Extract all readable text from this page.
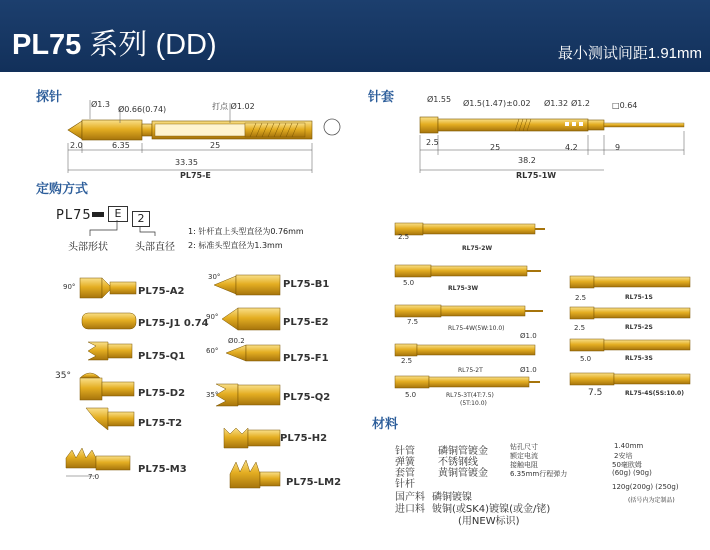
PL75 系列 (DD)	最小测试间距1.91mm
探针	针套
定购方式
材料
Ø1.3
Ø0.66(0.74)	打点 Ø1.02
2.0	6.35	25
33.35
PL75-E
Ø1.55 Ø1.5(1.47)±0.02 Ø1.32 Ø1.2	□0.64
2.5
25	4.2	9
38.2
RL75-1W
PL75	E	2
头部形状	头部直径
1: 针杆直上头型直径为0.76mm
2: 标准头型直径为1.3mm
90°	PL75-A2
PL75-J1 0.74
PL75-Q1
35°
PL75-D2
PL75-T2
7.0
PL75-M3
30°
PL75-B1
90°	PL75-E2
60°
Ø0.2
PL75-F1
35°	PL75-Q2
PL75-H2
PL75-LM2
2.5
RL75-2W
5.0
RL75-3W
7.5
RL75-4W(5W:10.0)
Ø1.0
2.5
RL75-2T	Ø1.0
5.0	RL75-3T(4T:7.5)
(5T:10.0)
2.5	RL75-1S
2.5	RL75-2S
5.0	RL75-3S
7.5	RL75-4S(5S:10.0)
针管 磷铜管镀金
弹簧 不锈钢线
套管 黄铜管镀金
针杆
国产料 磷铜镀镍
进口料 铍铜(或SK4)镀镍(或金/铑)
(用NEW标识)
钻孔尺寸	1.40mm
额定电流	2安培
接触电阻	50毫欧姆
6.35mm行程弹力	(60g) (90g)
120g(200g) (250g)
(括号内为定制品)
